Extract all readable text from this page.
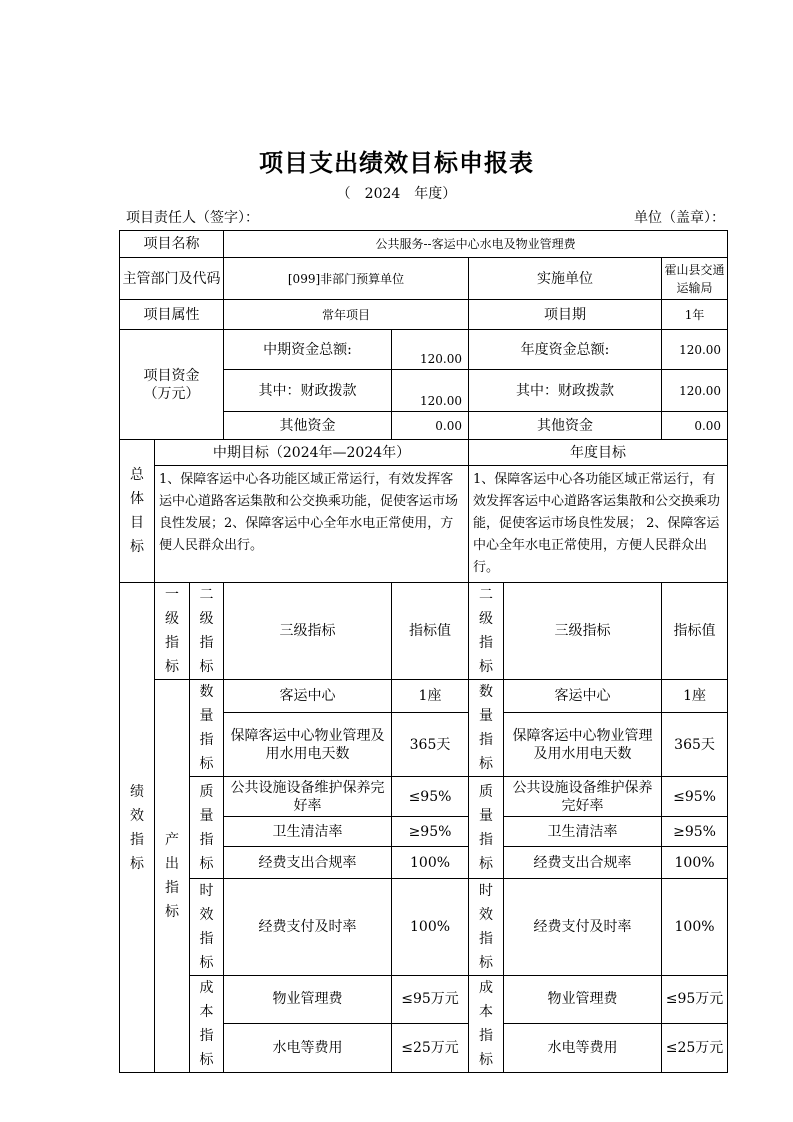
项目支出绩效目标申报表
（　2024　年度）
项目责任人（签字）：	单位（盖章）：
项目名称			公共服务--客运中心水电及物业管理费				
主管部门及代码			[099]非部门预算单位		实施单位		霍山县交通运输局
项目属性			常年项目		项目期		1年
项目资金（万元）			中期资金总额:	120.00	年度资金总额:		120.00
			其中：财政拨款	120.00	其中：财政拨款		120.00
			其他资金	0.00	其他资金		0.00
总体目标	中期目标（2024年—2024年）				年度目标		
	1、保障客运中心各功能区域正常运行，有效发挥客运中心道路客运集散和公交换乘功能，促使客运市场良性发展；2、保障客运中心全年水电正常使用，方便人民群众出行。				1、保障客运中心各功能区域正常运行，有效发挥客运中心道路客运集散和公交换乘功能，促使客运市场良性发展； 2、保障客运中心全年水电正常使用，方便人民群众出行。		
绩效指标	一级指标	二级指标	三级指标	指标值	二级指标	三级指标	指标值
	产出指标	数量指标	客运中心	1座	数量指标	客运中心	1座
			保障客运中心物业管理及用水用电天数	365天		保障客运中心物业管理及用水用电天数	365天
		质量指标	公共设施设备维护保养完好率	≤95%	质量指标	公共设施设备维护保养完好率	≤95%
			卫生清洁率	≥95%		卫生清洁率	≥95%
			经费支出合规率	100%		经费支出合规率	100%
		时效指标	经费支付及时率	100%	时效指标	经费支付及时率	100%
		成本指标	物业管理费	≤95万元	成本指标	物业管理费	≤95万元
			水电等费用	≤25万元		水电等费用	≤25万元
